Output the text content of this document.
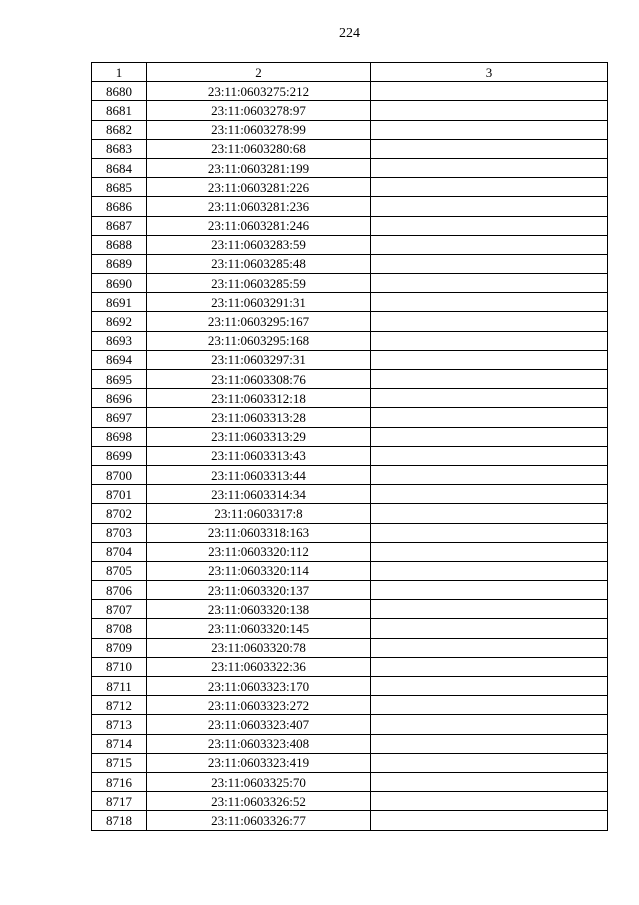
224
1	2	3
8680	23:11:0603275:212	
8681	23:11:0603278:97	
8682	23:11:0603278:99	
8683	23:11:0603280:68	
8684	23:11:0603281:199	
8685	23:11:0603281:226	
8686	23:11:0603281:236	
8687	23:11:0603281:246	
8688	23:11:0603283:59	
8689	23:11:0603285:48	
8690	23:11:0603285:59	
8691	23:11:0603291:31	
8692	23:11:0603295:167	
8693	23:11:0603295:168	
8694	23:11:0603297:31	
8695	23:11:0603308:76	
8696	23:11:0603312:18	
8697	23:11:0603313:28	
8698	23:11:0603313:29	
8699	23:11:0603313:43	
8700	23:11:0603313:44	
8701	23:11:0603314:34	
8702	23:11:0603317:8	
8703	23:11:0603318:163	
8704	23:11:0603320:112	
8705	23:11:0603320:114	
8706	23:11:0603320:137	
8707	23:11:0603320:138	
8708	23:11:0603320:145	
8709	23:11:0603320:78	
8710	23:11:0603322:36	
8711	23:11:0603323:170	
8712	23:11:0603323:272	
8713	23:11:0603323:407	
8714	23:11:0603323:408	
8715	23:11:0603323:419	
8716	23:11:0603325:70	
8717	23:11:0603326:52	
8718	23:11:0603326:77	
